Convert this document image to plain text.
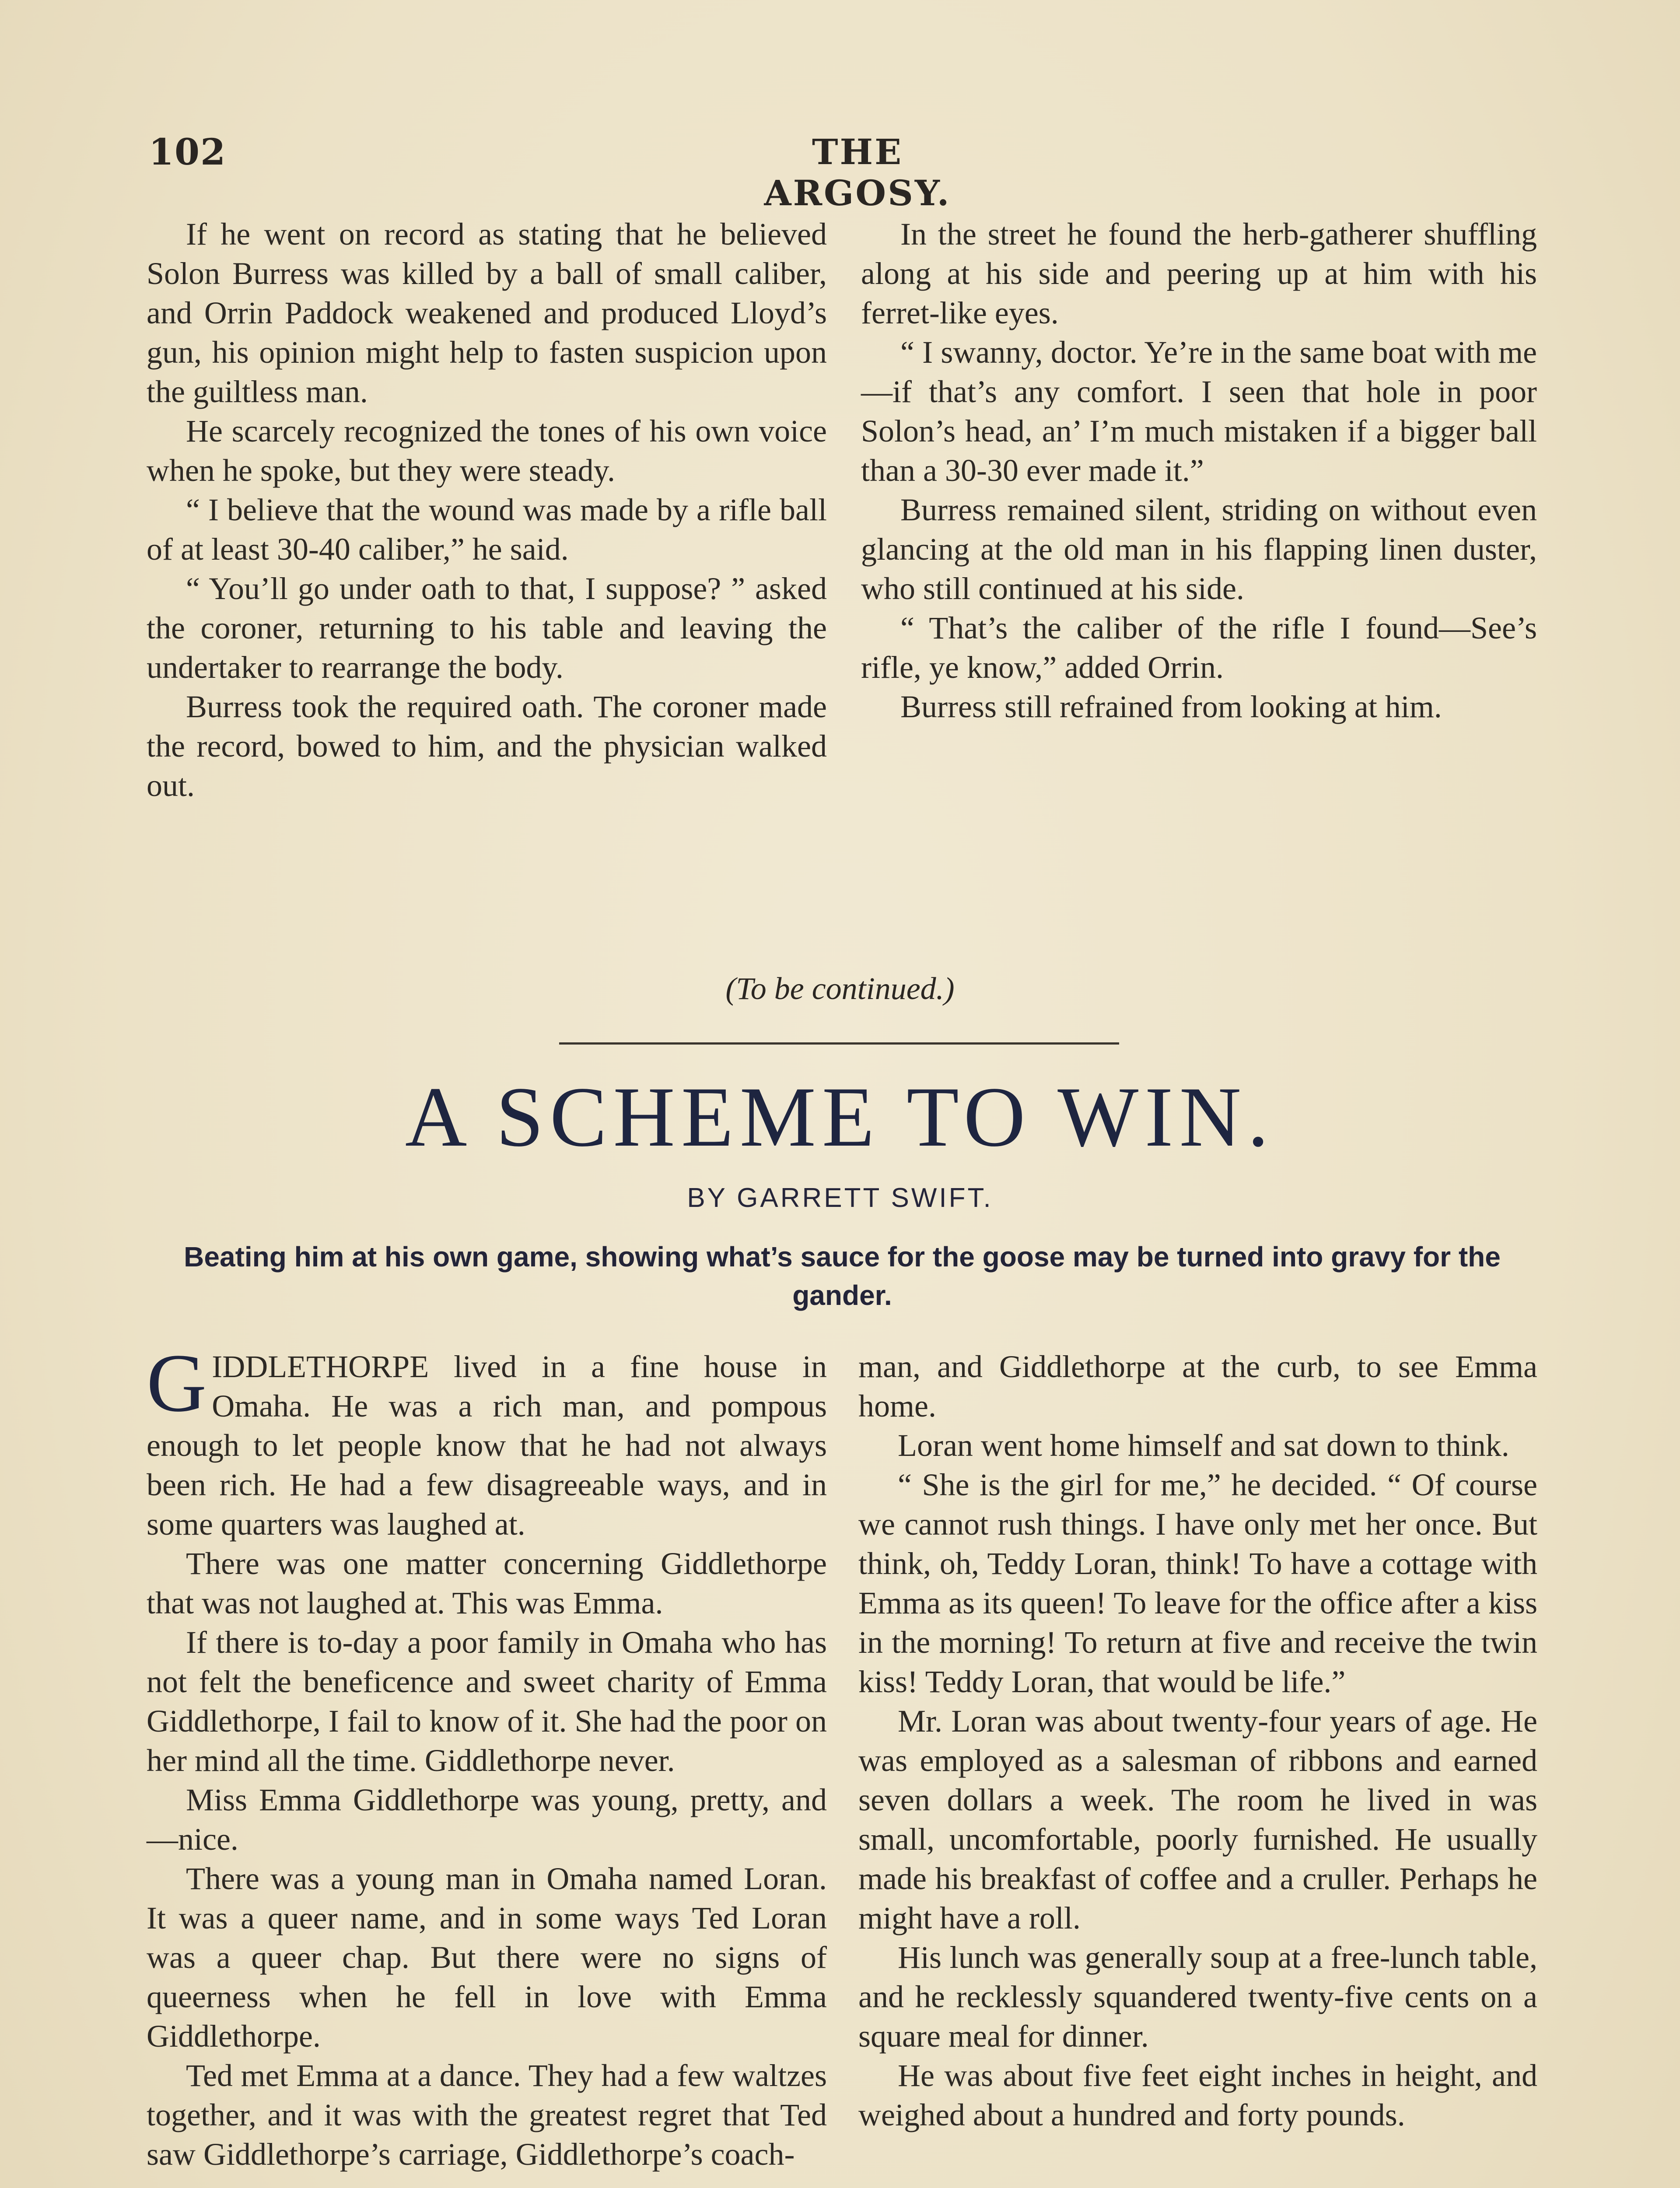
102	THE ARGOSY.

If he went on record as stating that he believed Solon Burress was killed by a ball of small caliber, and Orrin Paddock weakened and produced Lloyd’s gun, his opinion might help to fasten suspicion upon the guiltless man.

He scarcely recognized the tones of his own voice when he spoke, but they were steady.

“ I believe that the wound was made by a rifle ball of at least 30-40 caliber,” he said.

“ You’ll go under oath to that, I suppose? ” asked the coroner, returning to his table and leaving the undertaker to rearrange the body.

Burress took the required oath. The coroner made the record, bowed to him, and the physician walked out.

In the street he found the herb-gatherer shuffling along at his side and peering up at him with his ferret-like eyes.

“ I swanny, doctor. Ye’re in the same boat with me—if that’s any comfort. I seen that hole in poor Solon’s head, an’ I’m much mistaken if a bigger ball than a 30-30 ever made it.”

Burress remained silent, striding on without even glancing at the old man in his flapping linen duster, who still continued at his side.

“ That’s the caliber of the rifle I found—See’s rifle, ye know,” added Orrin.

Burress still refrained from looking at him.

(To be continued.)
A SCHEME TO WIN.
BY GARRETT SWIFT.
Beating him at his own game, showing what’s sauce for the goose may be turned into gravy for the gander.

GIDDLETHORPE lived in a fine house in Omaha. He was a rich man, and pompous enough to let people know that he had not always been rich. He had a few disagreeable ways, and in some quarters was laughed at.

There was one matter concerning Giddlethorpe that was not laughed at. This was Emma.

If there is to-day a poor family in Omaha who has not felt the beneficence and sweet charity of Emma Giddlethorpe, I fail to know of it. She had the poor on her mind all the time. Giddlethorpe never.

Miss Emma Giddlethorpe was young, pretty, and—nice.

There was a young man in Omaha named Loran. It was a queer name, and in some ways Ted Loran was a queer chap. But there were no signs of queerness when he fell in love with Emma Giddlethorpe.

Ted met Emma at a dance. They had a few waltzes together, and it was with the greatest regret that Ted saw Giddlethorpe’s carriage, Giddlethorpe’s coach-

man, and Giddlethorpe at the curb, to see Emma home.

Loran went home himself and sat down to think.

“ She is the girl for me,” he decided. “ Of course we cannot rush things. I have only met her once. But think, oh, Teddy Loran, think! To have a cottage with Emma as its queen! To leave for the office after a kiss in the morning! To return at five and receive the twin kiss! Teddy Loran, that would be life.”

Mr. Loran was about twenty-four years of age. He was employed as a salesman of ribbons and earned seven dollars a week. The room he lived in was small, uncomfortable, poorly furnished. He usually made his breakfast of coffee and a cruller. Perhaps he might have a roll.

His lunch was generally soup at a free-lunch table, and he recklessly squandered twenty-five cents on a square meal for dinner.

He was about five feet eight inches in height, and weighed about a hundred and forty pounds.
